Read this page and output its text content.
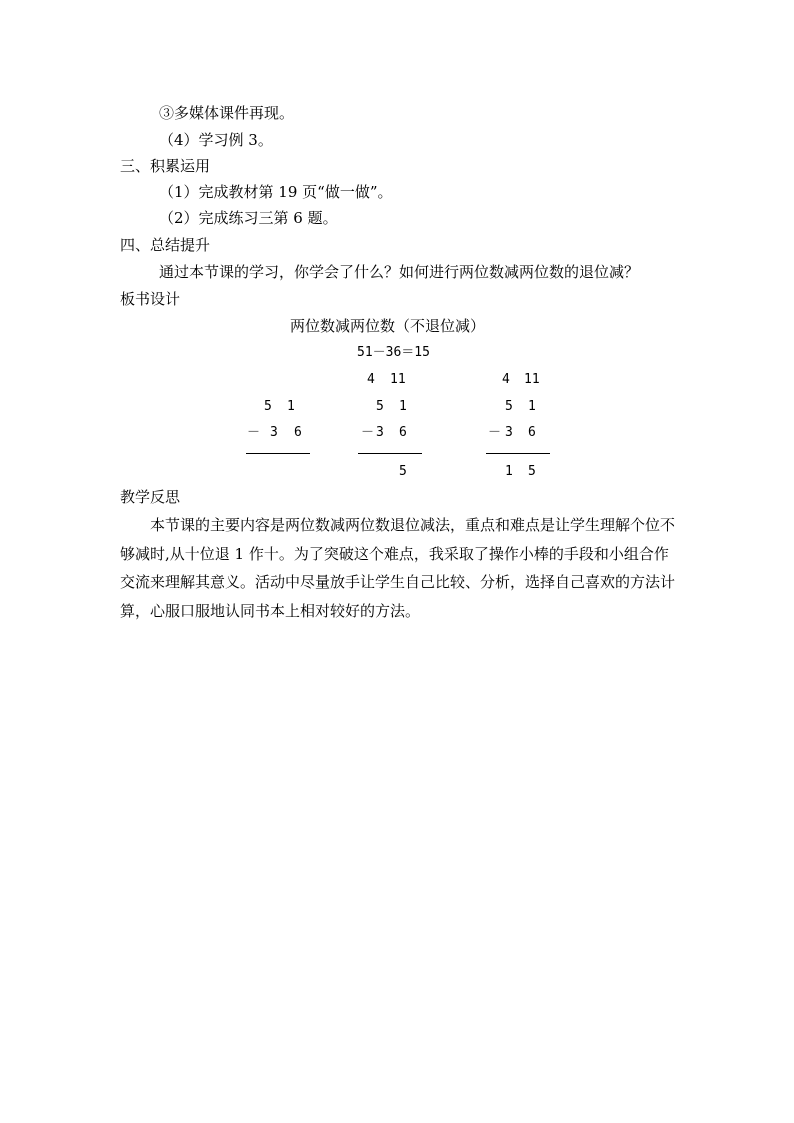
③多媒体课件再现。
（4）学习例 3。
三、积累运用
（1）完成教材第 19 页“做一做”。
（2）完成练习三第 6 题。
四、总结提升
通过本节课的学习，你学会了什么？如何进行两位数减两位数的退位减？
板书设计
两位数减两位数（不退位减）
51－36＝15
5 1
－ 3 6
4 11
5 1
－ 3 6
5
4 11
5 1
－ 3 6
1 5
教学反思
本节课的主要内容是两位数减两位数退位减法，重点和难点是让学生理解个位不够减时,从十位退 1 作十。为了突破这个难点，我采取了操作小棒的手段和小组合作交流来理解其意义。活动中尽量放手让学生自己比较、分析，选择自己喜欢的方法计算，心服口服地认同书本上相对较好的方法。
